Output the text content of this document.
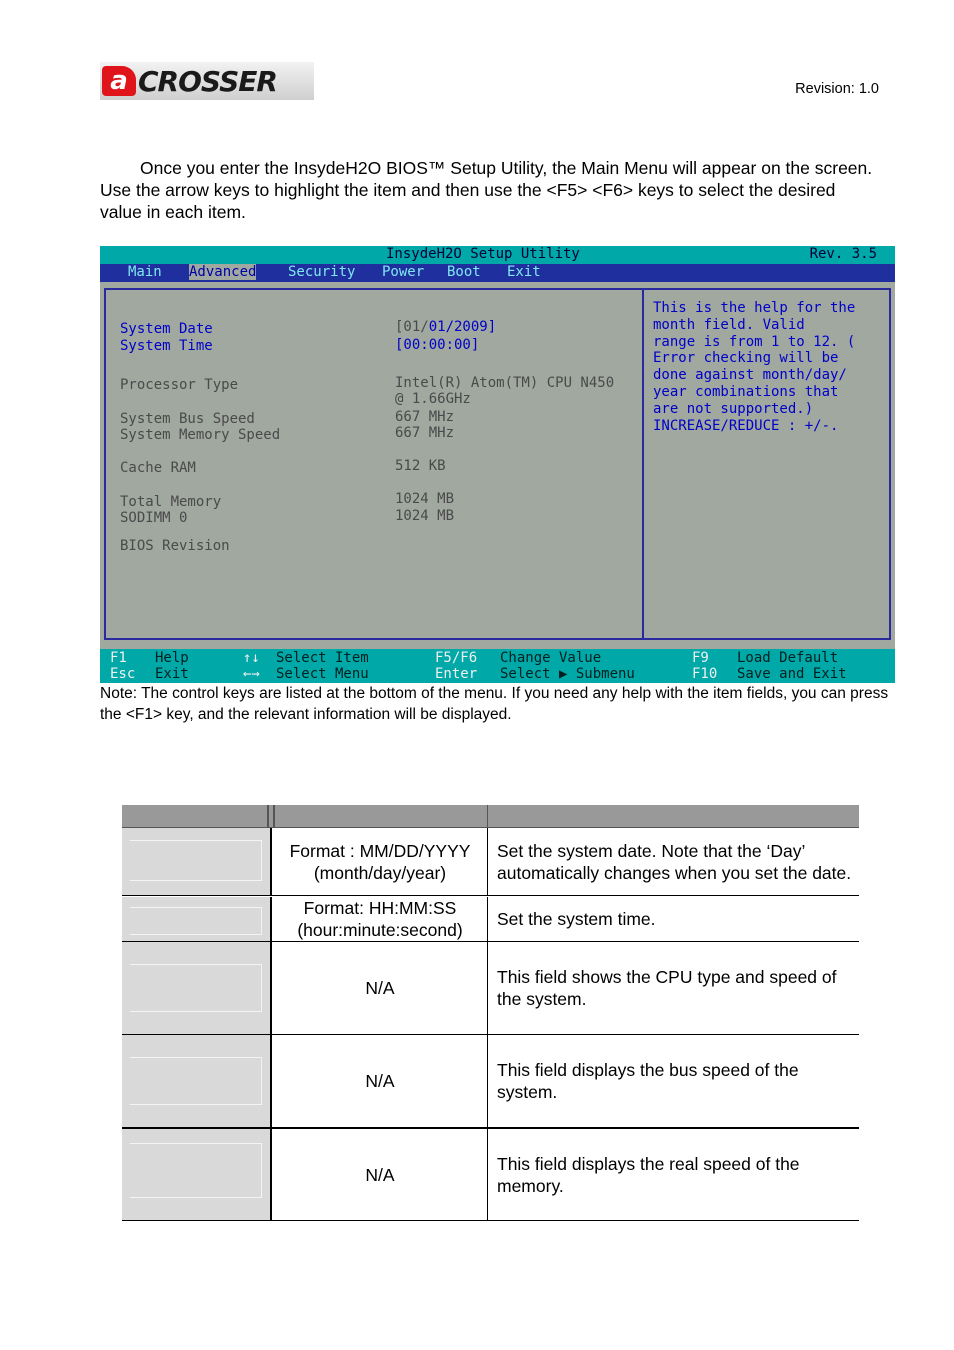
a CROSSER	Revision: 1.0

Once you enter the InsydeH2O BIOS™ Setup Utility, the Main Menu will appear on the screen. Use the arrow keys to highlight the item and then use the <F5> <F6> keys to select the desired value in each item.

InsydeH2O Setup Utility	Rev. 3.5
Main Advanced Security Power Boot Exit
System Date
System Time
Processor Type
System Bus Speed
System Memory Speed
Cache RAM
Total Memory
SODIMM 0
BIOS Revision
[01/01/2009]
[00:00:00]
Intel(R) Atom(TM) CPU N450
@ 1.66GHz
667 MHz
667 MHz
512 KB
1024 MB
1024 MB
This is the help for the
month field. Valid
range is from 1 to 12. (
Error checking will be
done against month/day/
year combinations that
are not supported.)
INCREASE/REDUCE : +/-.
F1 Help
Esc Exit
↑↓ Select Item
←→ Select Menu
F5/F6 Change Value
Enter Select ▶ Submenu
F9 Load Default
F10 Save and Exit
Note: The control keys are listed at the bottom of the menu. If you need any help with the item fields, you can press the <F1> key, and the relevant information will be displayed.
Format : MM/DD/YYYY
(month/day/year)
Set the system date. Note that the ‘Day’ automatically changes when you set the date.
Format: HH:MM:SS
(hour:minute:second)
Set the system time.
N/A
This field shows the CPU type and speed of the system.
N/A
This field displays the bus speed of the system.
N/A
This field displays the real speed of the memory.
